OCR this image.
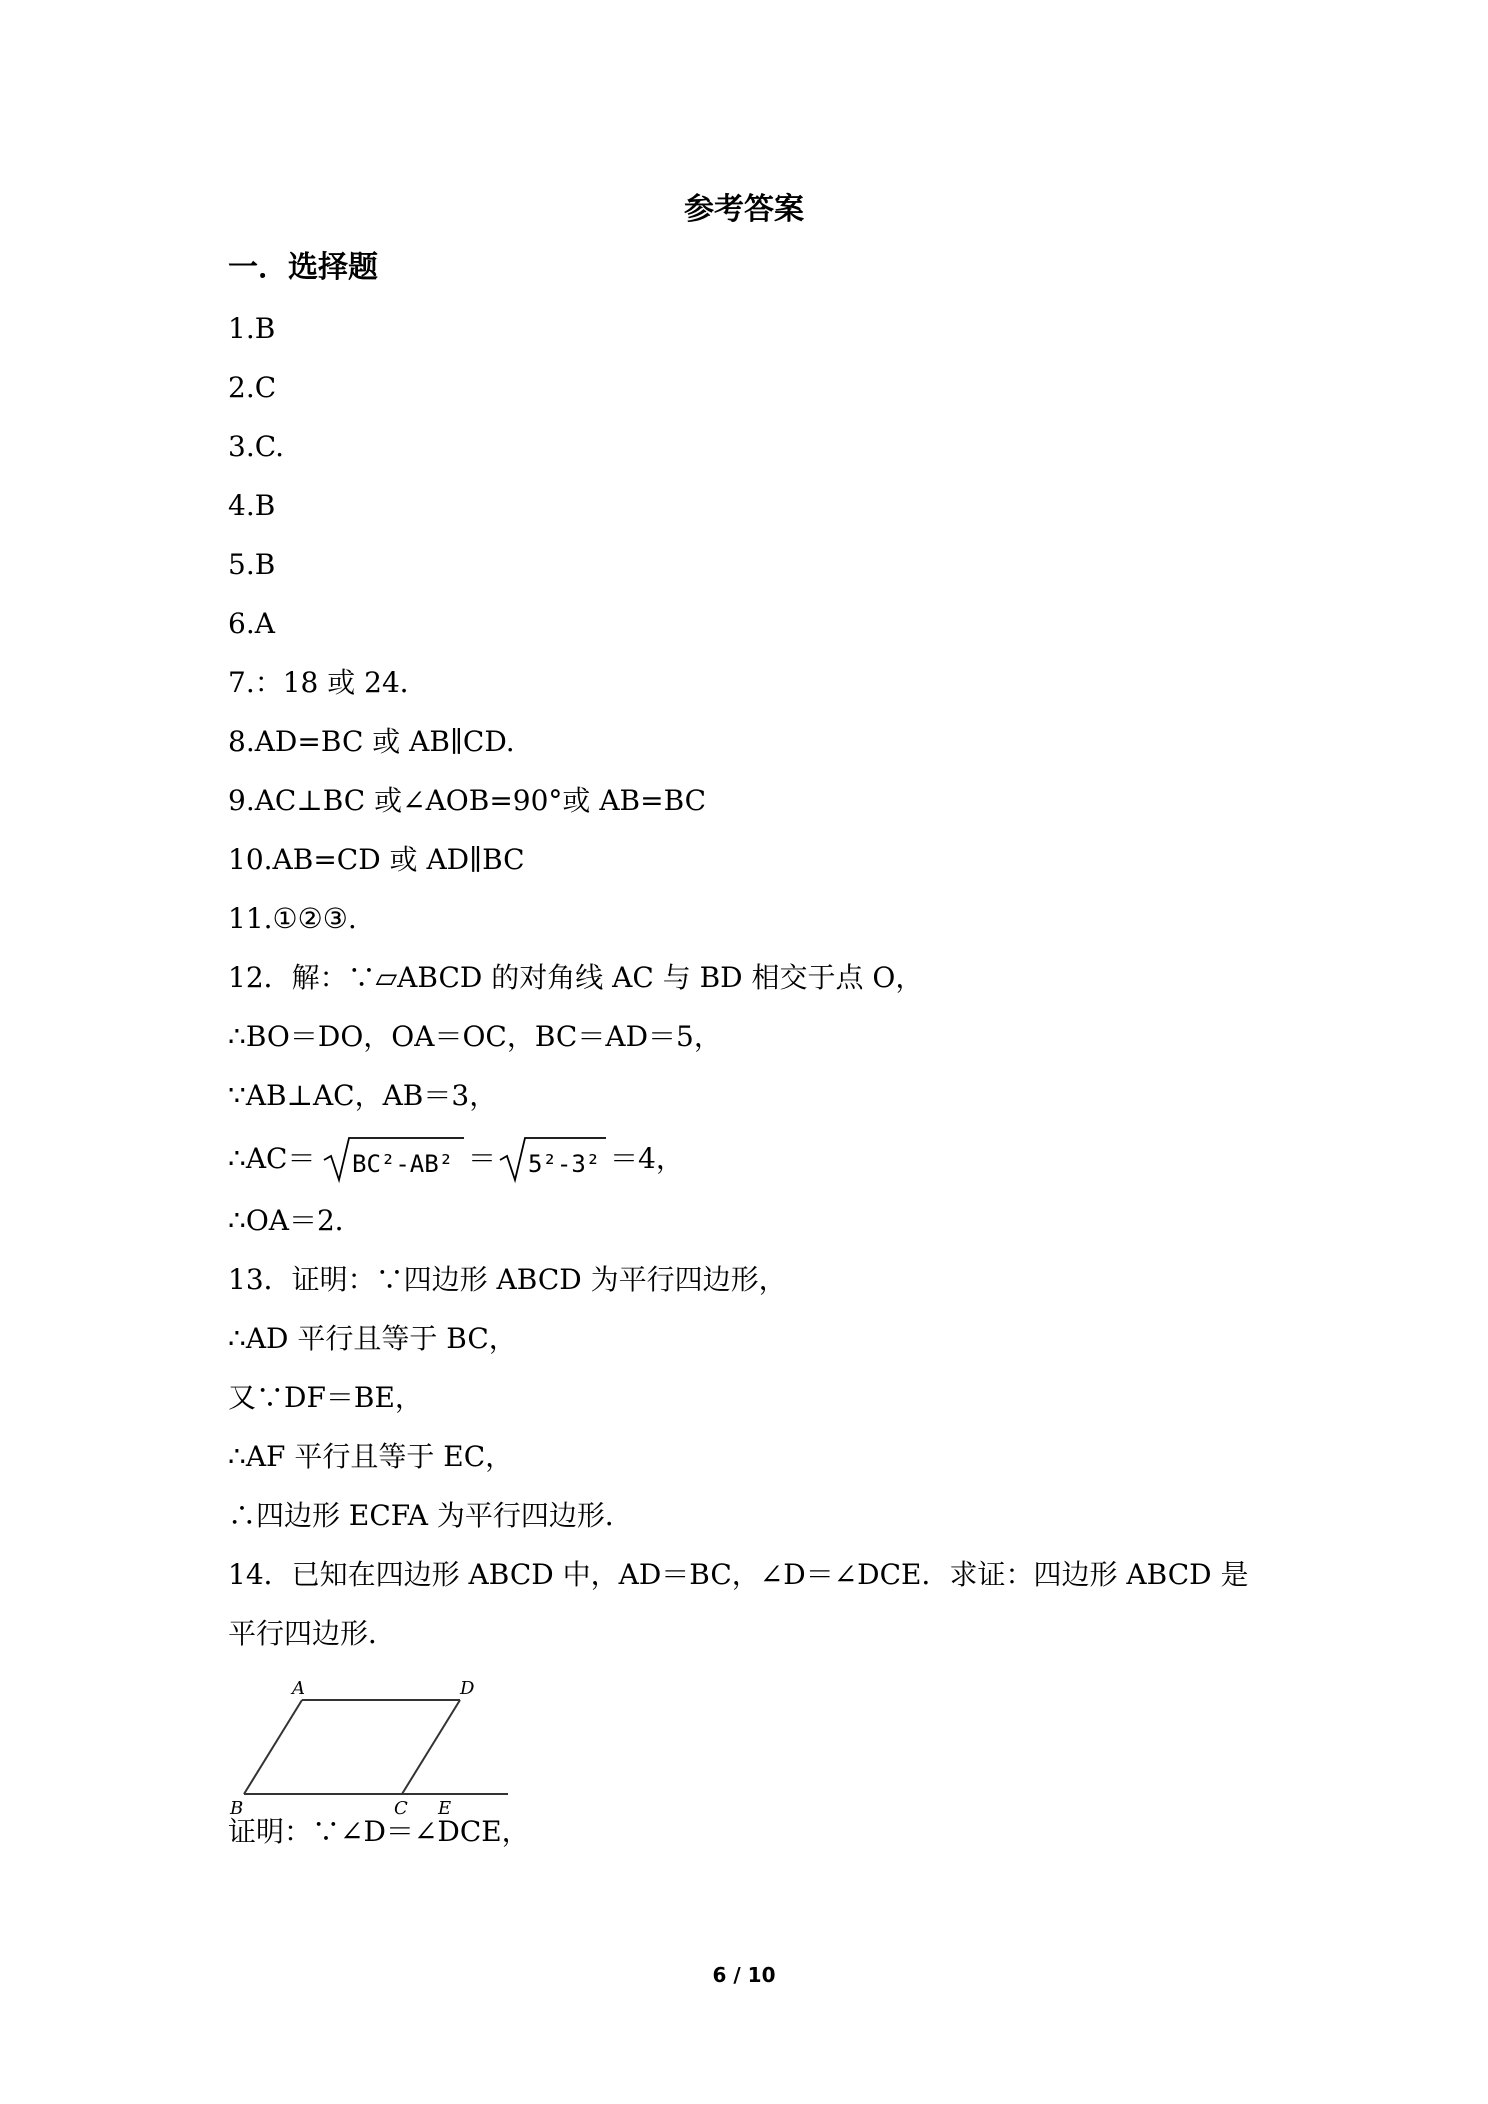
参考答案
一．选择题
1.B
2.C
3.C.
4.B
5.B
6.A
7.：18 或 24．
8.AD=BC 或 AB∥CD.
9.AC⊥BC 或∠AOB=90°或 AB=BC
10.AB=CD 或 AD∥BC
11.①②③.
12．解：∵▱ABCD 的对角线 AC 与 BD 相交于点 O，
∴BO＝DO，OA＝OC，BC＝AD＝5，
∵AB⊥AC，AB＝3，
∴AC＝ BC²-AB² ＝ 5²-3² ＝4，
∴OA＝2．
13．证明：∵四边形 ABCD 为平行四边形，
∴AD 平行且等于 BC，
又∵DF＝BE，
∴AF 平行且等于 EC，
∴四边形 ECFA 为平行四边形．
14．已知在四边形 ABCD 中，AD＝BC，∠D＝∠DCE．求证：四边形 ABCD 是
平行四边形．
A	D
B	C E
证明：∵∠D＝∠DCE，
6 / 10
